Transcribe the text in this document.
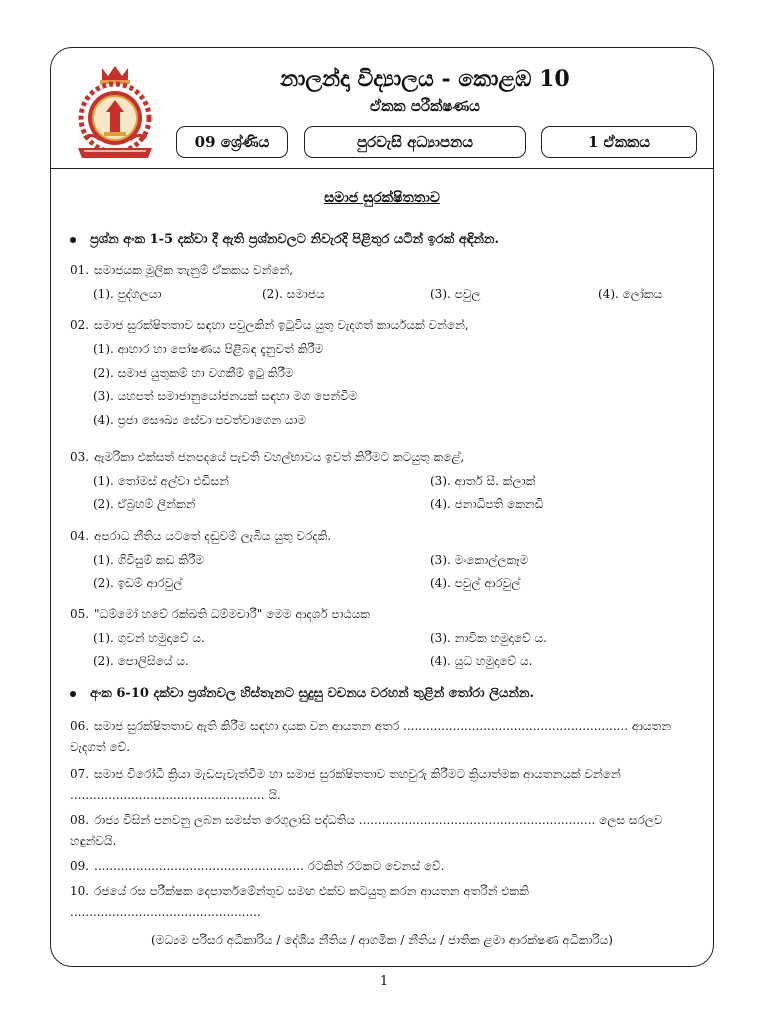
නාලන්දා විද්‍යාලය - කොළඹ 10
ඒකක පරීක්ෂණය
09 ශ්‍රේණිය	පුරවැසි අධ්‍යාපනය	1 ඒකකය
සමාජ සුරක්ෂිතතාව
ප්‍රශ්න අංක 1-5 දක්වා දී ඇති ප්‍රශ්නවලට නිවැරදි පිළිතුර යටින් ඉරක් අඳින්න.
01. සමාජයක මූලික තැනුම් ඒකකය වන්නේ,
(1). පුද්ගලයා	(2). සමාජය	(3). පවුල	(4). ලෝකය
02. සමාජ සුරක්ෂිතතාව සඳහා පවුලකින් ඉටුවිය යුතු වැදගත් කාර්යයක් වන්නේ,
(1). ආහාර හා පෝෂණය පිළිබඳ දැනුවත් කිරීම
(2). සමාජ යුතුකම් හා වගකීම් ඉටු කිරීම
(3). යහපත් සමාජානුයෝජනයක් සඳහා මග පෙන්වීම
(4). ප්‍රජා සෞඛ්‍ය සේවා පවත්වාගෙන යාම
03. ඇමරිකා එක්සත් ජනපදයේ පැවති වහල්භාවය ඉවත් කිරීමට කටයුතු කළේ,
(1). තෝමස් අල්වා එඩිසන්
(2). ඒබ්‍රහම් ලින්කන්
(3). ආතර් සී. ක්ලාක්
(4). ජනාධිපති කෙනඩි
04. අපරාධ නීතිය යටතේ දඬුවම් ලැබිය යුතු වරදකි.
(1). ගිවිසුම් කඩ කිරීම
(2). ඉඩම් ආරවුල්
(3). මංකොල්ලකෑම
(4). පවුල් ආරවුල්
05. "ධම්මෝ හවේ රක්ඛති ධම්මචාරී" මෙම ආදර්ශ පාඨයක
(1). ගුවන් හමුදාවේ ය.
(2). පොලිසියේ ය.
(3). නාවික හමුදාවේ ය.
(4). යුධ හමුදාවේ ය.
අංක 6-10 දක්වා ප්‍රශ්නවල හිස්තැනට සුදුසු වචනය වරහන් තුළින් තෝරා ලියන්න.
06. සමාජ සුරක්ෂිතතාව ඇති කිරීම සඳහා දායක වන ආයතන අතර ........................................................... ආයතන වැදගත් වේ.
07. සමාජ විරෝධී ක්‍රියා මැඩපැවැත්වීම හා සමාජ සුරක්ෂිතතාව තහවුරු කිරීමට ක්‍රියාත්මක ආයතනයක් වන්නේ ................................................... යි.
08. රාජ්‍ය විසින් පනවනු ලබන සමස්ත රෙගුලාසි පද්ධතිය .............................................................. ලෙස සරලව හඳුන්වයි.
09. ....................................................... රටකින් රටකට වෙනස් වේ.
10. රජයේ රස පරීක්ෂක දෙපාර්තමේන්තුව සමඟ එක්ව කටයුතු කරන ආයතන අතරින් එකකි ..................................................
(මධ්‍යම පරිසර අධිකාරිය / දේශීය නීතිය / ආගමික / නීතිය / ජාතික ළමා ආරක්ෂණ අධිකාරිය)
1
